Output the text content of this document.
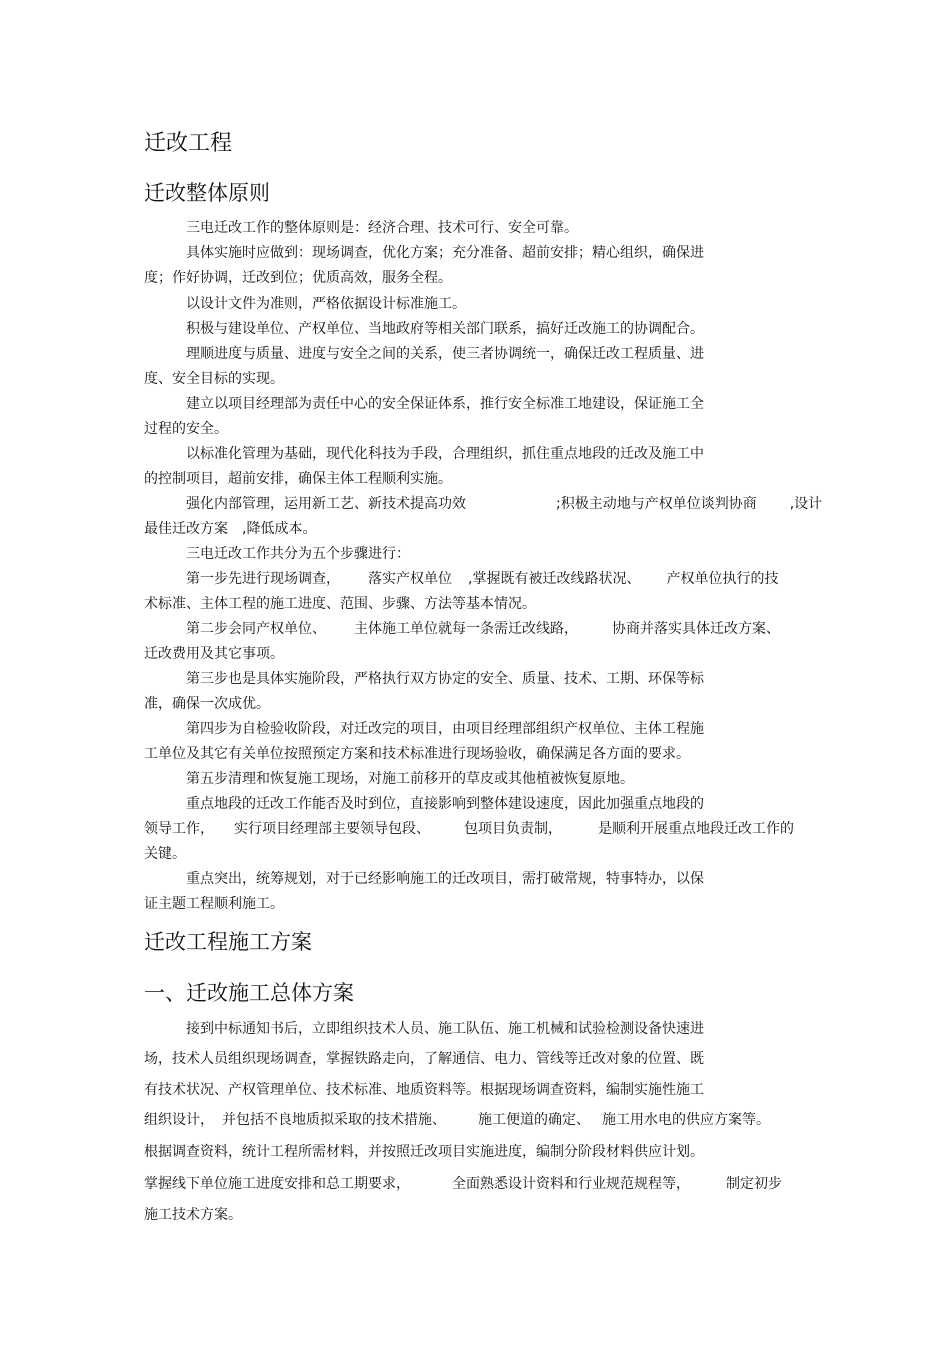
迁改工程
迁改整体原则
三电迁改工作的整体原则是：经济合理、技术可行、安全可靠。
具体实施时应做到：现场调查，优化方案；充分准备、超前安排；精心组织，确保进
度；作好协调，迁改到位；优质高效，服务全程。
以设计文件为准则，严格依据设计标准施工。
积极与建设单位、产权单位、当地政府等相关部门联系，搞好迁改施工的协调配合。
理顺进度与质量、进度与安全之间的关系，使三者协调统一，确保迁改工程质量、进
度、安全目标的实现。
建立以项目经理部为责任中心的安全保证体系，推行安全标准工地建设，保证施工全
过程的安全。
以标准化管理为基础，现代化科技为手段，合理组织，抓住重点地段的迁改及施工中
的控制项目，超前安排，确保主体工程顺利实施。
强化内部管理，运用新工艺、新技术提高功效	;积极主动地与产权单位谈判协商 ,设计
最佳迁改方案　,降低成本。
三电迁改工作共分为五个步骤进行：
第一步先进行现场调查， 落实产权单位 ,掌握既有被迁改线路状况、 产权单位执行的技
术标准、主体工程的施工进度、范围、步骤、方法等基本情况。
第二步会同产权单位、 主体施工单位就每一条需迁改线路， 协商并落实具体迁改方案、
迁改费用及其它事项。
第三步也是具体实施阶段，严格执行双方协定的安全、质量、技术、工期、环保等标
准，确保一次成优。
第四步为自检验收阶段，对迁改完的项目，由项目经理部组织产权单位、主体工程施
工单位及其它有关单位按照预定方案和技术标准进行现场验收，确保满足各方面的要求。
第五步清理和恢复施工现场，对施工前移开的草皮或其他植被恢复原地。
重点地段的迁改工作能否及时到位，直接影响到整体建设速度，因此加强重点地段的
领导工作， 实行项目经理部主要领导包段、 包项目负责制，	是顺利开展重点地段迁改工作的
关键。
重点突出，统筹规划，对于已经影响施工的迁改项目，需打破常规，特事特办，以保
证主题工程顺利施工。
迁改工程施工方案
一、迁改施工总体方案
接到中标通知书后，立即组织技术人员、施工队伍、施工机械和试验检测设备快速进
场，技术人员组织现场调查，掌握铁路走向，了解通信、电力、管线等迁改对象的位置、既
有技术状况、产权管理单位、技术标准、地质资料等。根据现场调查资料，编制实施性施工
组织设计， 并包括不良地质拟采取的技术措施、 施工便道的确定、 施工用水电的供应方案等。
根据调查资料，统计工程所需材料，并按照迁改项目实施进度，编制分阶段材料供应计划。
掌握线下单位施工进度安排和总工期要求，	全面熟悉设计资料和行业规范规程等，	制定初步
施工技术方案。
